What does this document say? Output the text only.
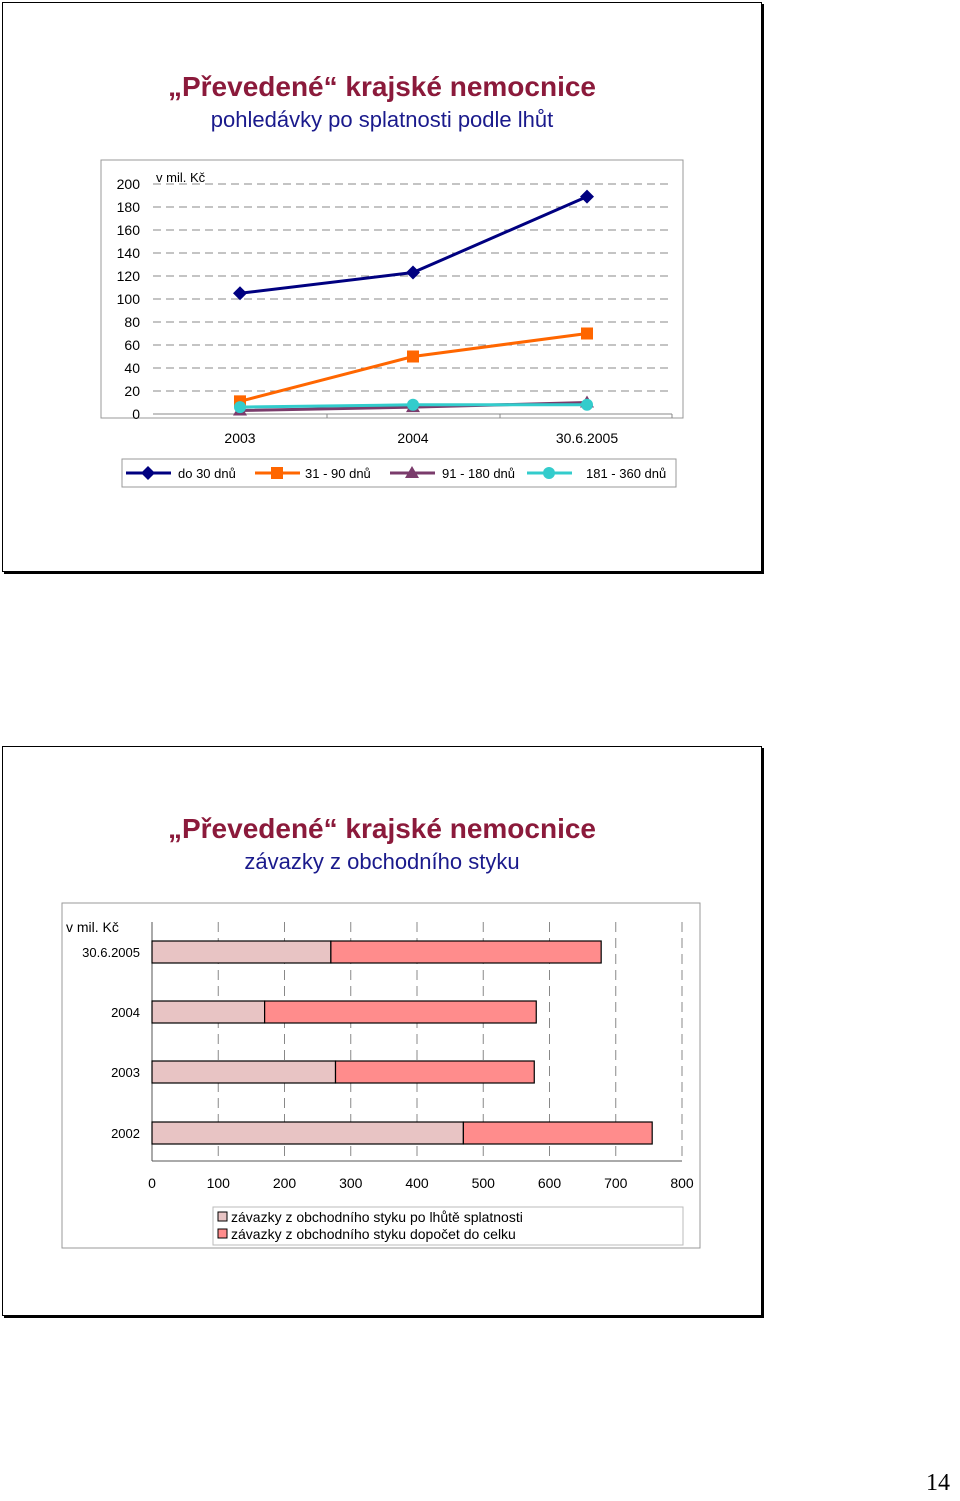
„Převedené“ krajské nemocnice
pohledávky po splatnosti podle lhůt
„Převedené“ krajské nemocnice
závazky z obchodního styku
0
20
40
60
80
100
120
140
160
180
200 v mil. Kč
2003	2004	30.6.2005
do 30 dnů	31 - 90 dnů	91 - 180 dnů	181 - 360 dnů
0	100	200	300	400	500	600	700	800
v mil. Kč
30.6.2005
2004
2003
2002
závazky z obchodního styku po lhůtě splatnosti
závazky z obchodního styku dopočet do celku
14
